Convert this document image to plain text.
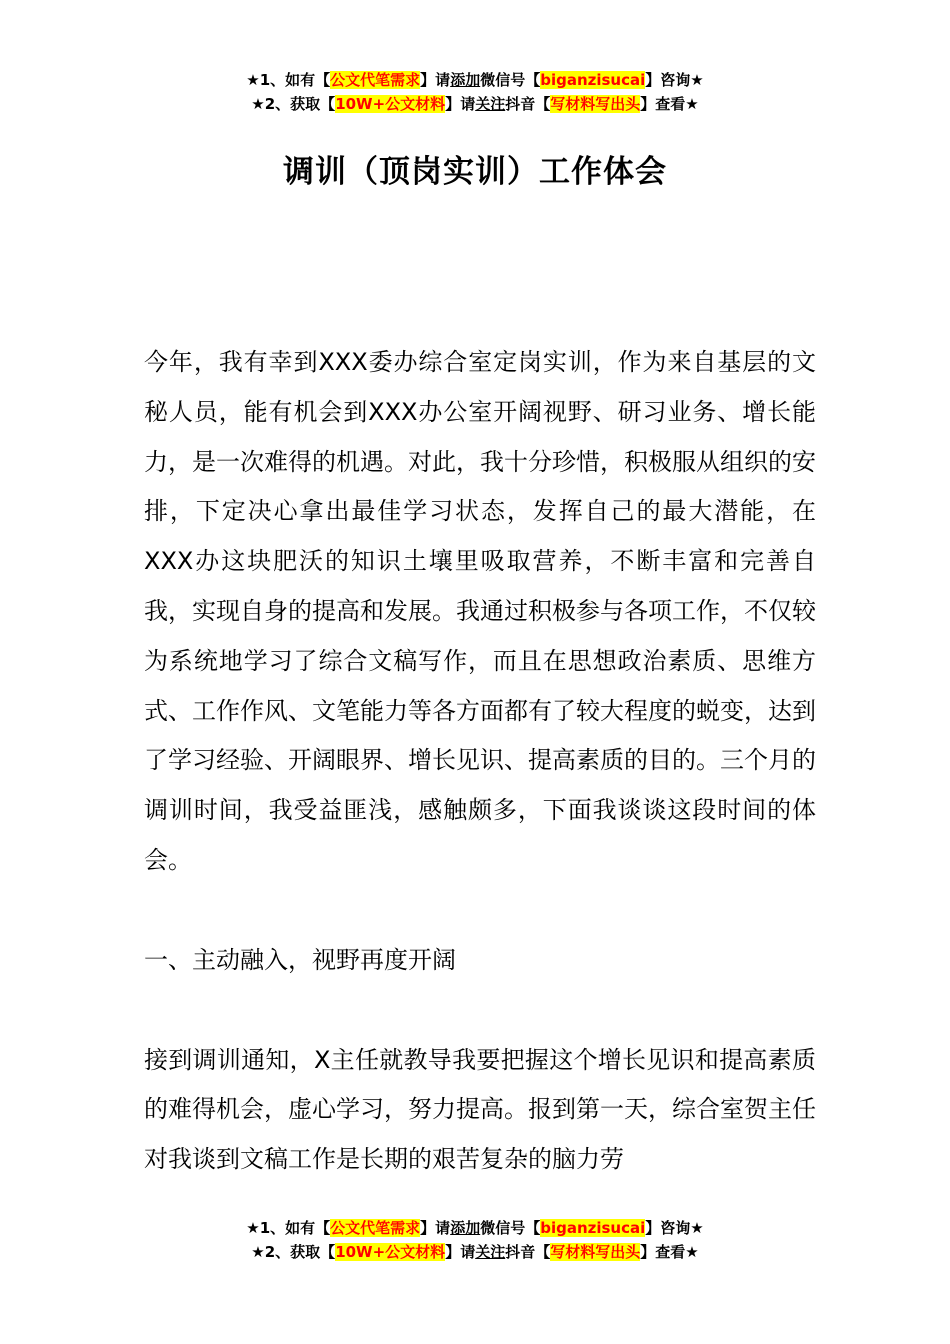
★1、如有【公文代笔需求】请添加微信号【biganzisucai】咨询★
★2、获取【10W+公文材料】请关注抖音【写材料写出头】查看★
调训（顶岗实训）工作体会

今年，我有幸到XXX委办综合室定岗实训，作为来自基层的文秘人员，能有机会到XXX办公室开阔视野、研习业务、增长能力，是一次难得的机遇。对此，我十分珍惜，积极服从组织的安排，下定决心拿出最佳学习状态，发挥自己的最大潜能，在XXX办这块肥沃的知识土壤里吸取营养，不断丰富和完善自我，实现自身的提高和发展。我通过积极参与各项工作，不仅较为系统地学习了综合文稿写作，而且在思想政治素质、思维方式、工作作风、文笔能力等各方面都有了较大程度的蜕变，达到了学习经验、开阔眼界、增长见识、提高素质的目的。三个月的调训时间，我受益匪浅，感触颇多，下面我谈谈这段时间的体会。

一、主动融入，视野再度开阔

接到调训通知，X主任就教导我要把握这个增长见识和提高素质的难得机会，虚心学习，努力提高。报到第一天，综合室贺主任对我谈到文稿工作是长期的艰苦复杂的脑力劳

★1、如有【公文代笔需求】请添加微信号【biganzisucai】咨询★
★2、获取【10W+公文材料】请关注抖音【写材料写出头】查看★
